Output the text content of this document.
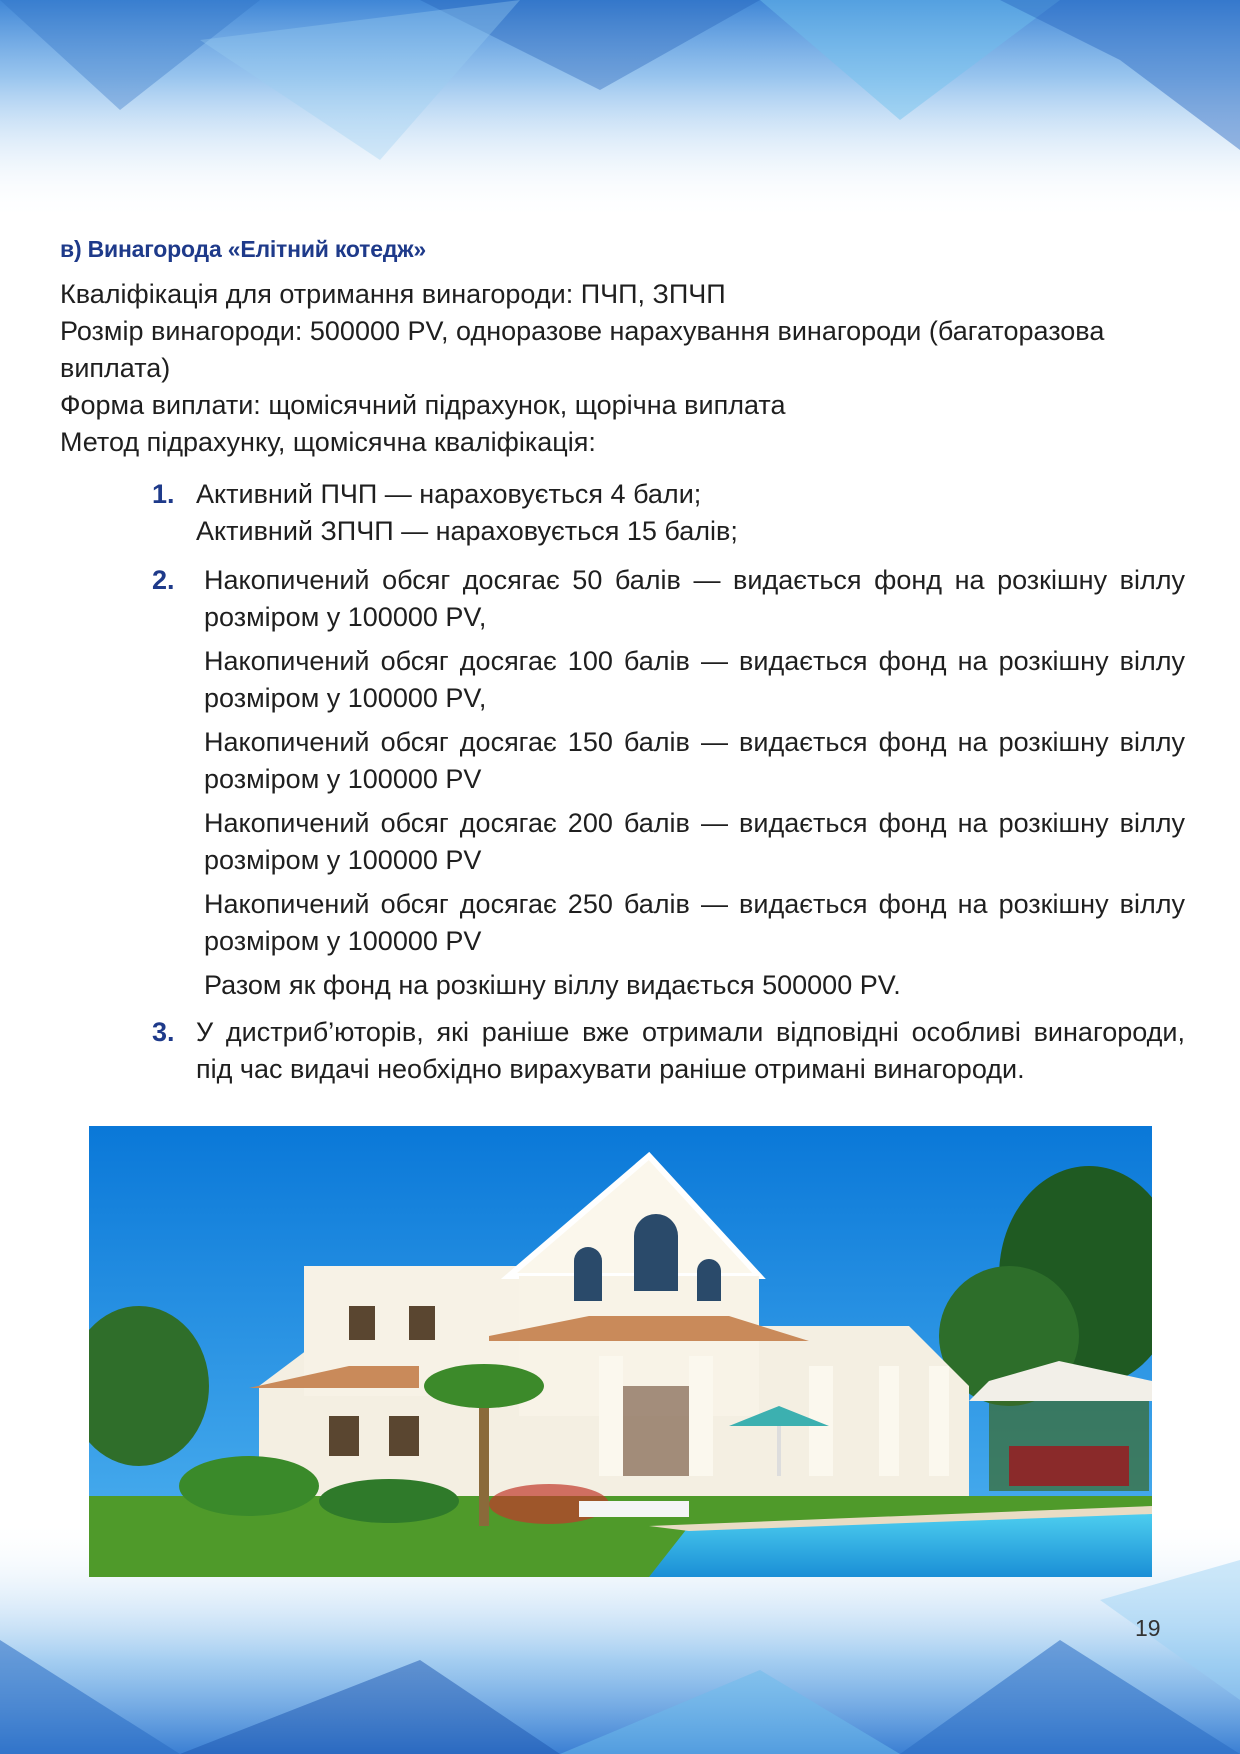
в) Винагорода «Елітний котедж»

Кваліфікація для отримання винагороди: ПЧП, ЗПЧП

Розмір винагороди: 500000 PV, одноразове нарахування винагороди (багаторазова виплата)

Форма виплати: щомісячний підрахунок, щорічна виплата

Метод підрахунку, щомісячна кваліфікація:

1. Активний ПЧП — нараховується 4 бали;

Активний ЗПЧП — нараховується 15 балів;

2. Накопичений обсяг досягає 50 балів — видається фонд на розкішну віллу розміром у 100000 PV,

Накопичений обсяг досягає 100 балів — видається фонд на розкішну віллу розміром у 100000 PV,

Накопичений обсяг досягає 150 балів — видається фонд на розкішну віллу розміром у 100000 PV

Накопичений обсяг досягає 200 балів — видається фонд на розкішну віллу розміром у 100000 PV

Накопичений обсяг досягає 250 балів — видається фонд на розкішну віллу розміром у 100000 PV

Разом як фонд на розкішну віллу видається 500000 PV.

3. У дистриб’юторів, які раніше вже отримали відповідні особливі винагороди, під час видачі необхідно вирахувати раніше отримані винагороди.

19
